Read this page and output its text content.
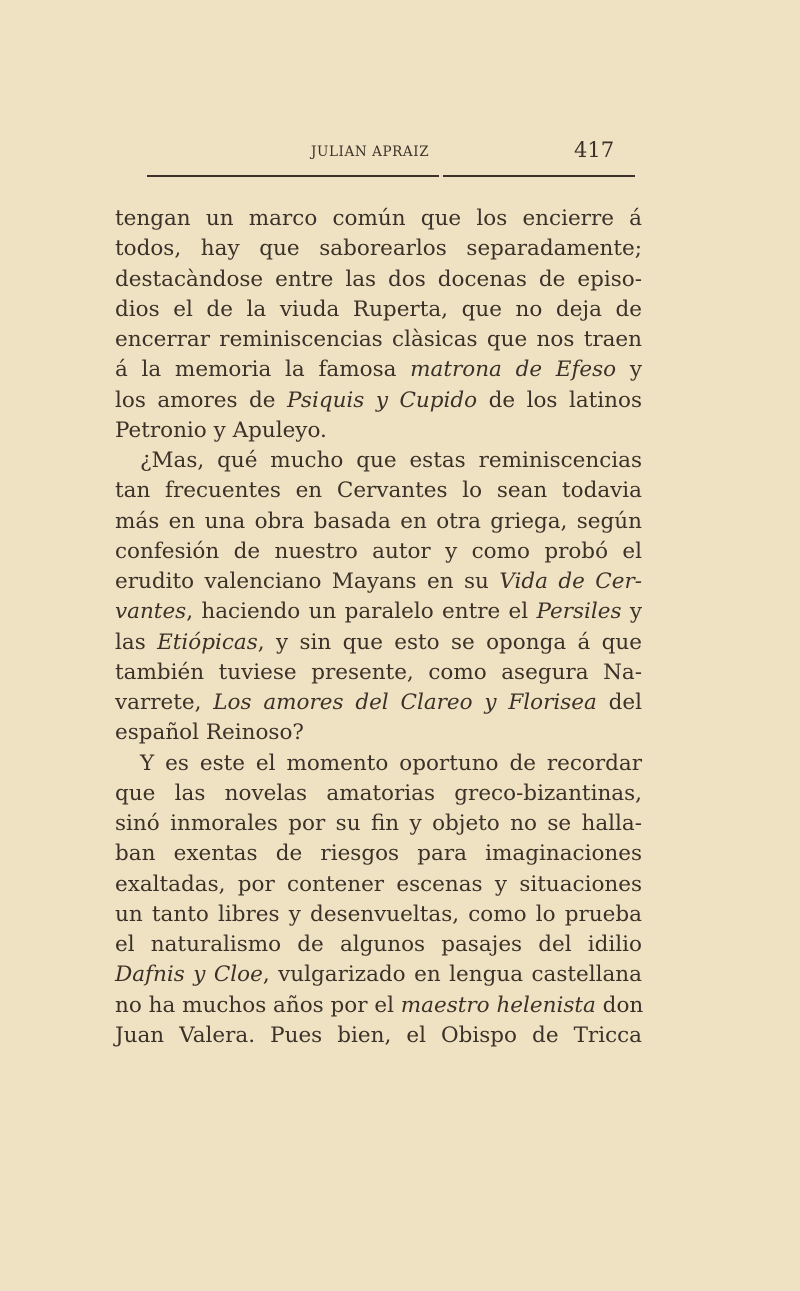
JULIAN APRAIZ	417
tengan un marco común que los encierre á
todos, hay que saborearlos separadamente;
destacàndose entre las dos docenas de episo-
dios el de la viuda Ruperta, que no deja de
encerrar reminiscencias clàsicas que nos traen
á la memoria la famosa matrona de Efeso y
los amores de Psiquis y Cupido de los latinos
Petronio y Apuleyo.
¿Mas, qué mucho que estas reminiscencias
tan frecuentes en Cervantes lo sean todavia
más en una obra basada en otra griega, según
confesión de nuestro autor y como probó el
erudito valenciano Mayans en su Vida de Cer-
vantes, haciendo un paralelo entre el Persiles y
las Etiópicas, y sin que esto se oponga á que
también tuviese presente, como asegura Na-
varrete, Los amores del Clareo y Florisea del
español Reinoso?
Y es este el momento oportuno de recordar
que las novelas amatorias greco-bizantinas,
sinó inmorales por su fin y objeto no se halla-
ban exentas de riesgos para imaginaciones
exaltadas, por contener escenas y situaciones
un tanto libres y desenvueltas, como lo prueba
el naturalismo de algunos pasajes del idilio
Dafnis y Cloe, vulgarizado en lengua castellana
no ha muchos años por el maestro helenista don
Juan Valera. Pues bien, el Obispo de Tricca
